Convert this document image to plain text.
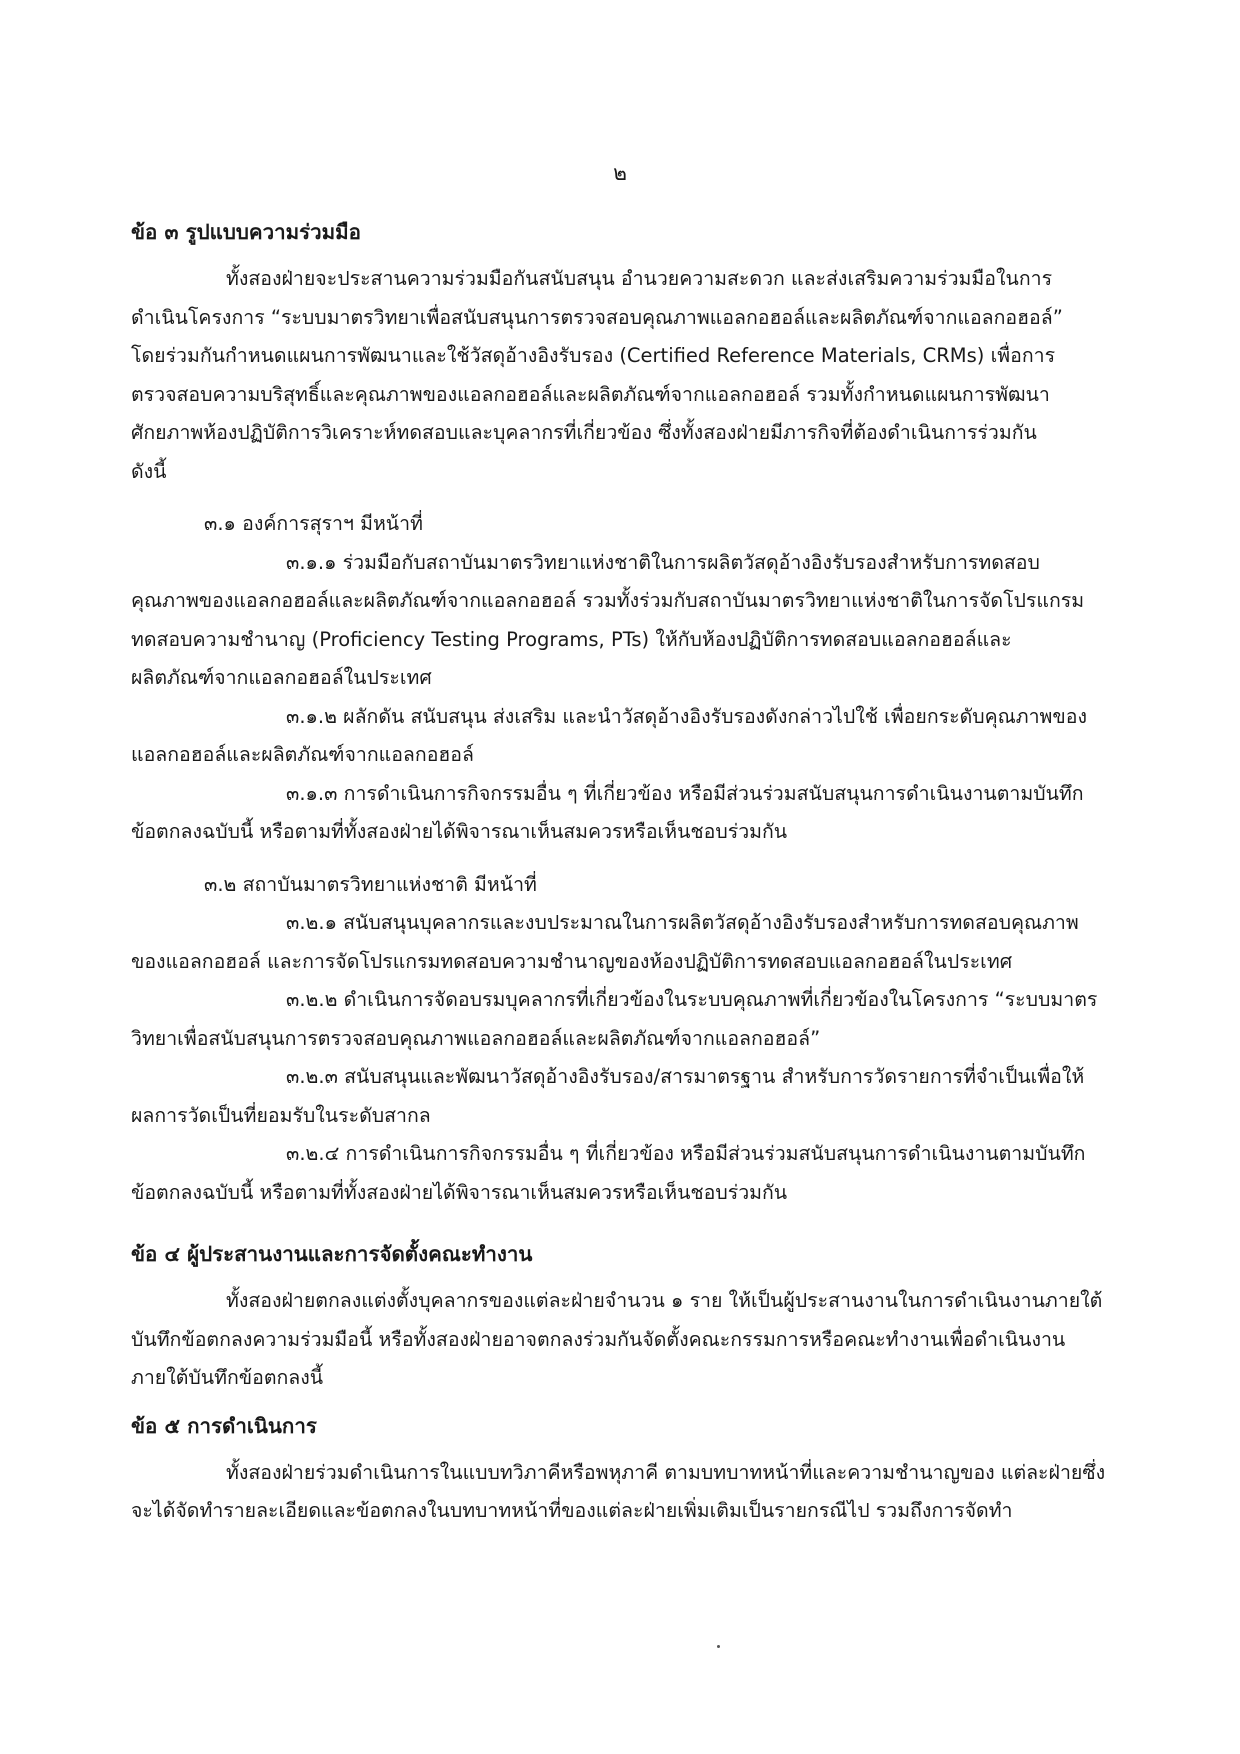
๒
ข้อ ๓ รูปแบบความร่วมมือ
ทั้งสองฝ่ายจะประสานความร่วมมือกันสนับสนุน อำนวยความสะดวก และส่งเสริมความร่วมมือในการ
ดำเนินโครงการ “ระบบมาตรวิทยาเพื่อสนับสนุนการตรวจสอบคุณภาพแอลกอฮอล์และผลิตภัณฑ์จากแอลกอฮอล์”
โดยร่วมกันกำหนดแผนการพัฒนาและใช้วัสดุอ้างอิงรับรอง (Certified Reference Materials, CRMs) เพื่อการ
ตรวจสอบความบริสุทธิ์และคุณภาพของแอลกอฮอล์และผลิตภัณฑ์จากแอลกอฮอล์ รวมทั้งกำหนดแผนการพัฒนา
ศักยภาพห้องปฏิบัติการวิเคราะห์ทดสอบและบุคลากรที่เกี่ยวข้อง ซึ่งทั้งสองฝ่ายมีภารกิจที่ต้องดำเนินการร่วมกัน
ดังนี้
๓.๑ องค์การสุราฯ มีหน้าที่
๓.๑.๑ ร่วมมือกับสถาบันมาตรวิทยาแห่งชาติในการผลิตวัสดุอ้างอิงรับรองสำหรับการทดสอบ
คุณภาพของแอลกอฮอล์และผลิตภัณฑ์จากแอลกอฮอล์ รวมทั้งร่วมกับสถาบันมาตรวิทยาแห่งชาติในการจัดโปรแกรม
ทดสอบความชำนาญ (Proficiency Testing Programs, PTs) ให้กับห้องปฏิบัติการทดสอบแอลกอฮอล์และ
ผลิตภัณฑ์จากแอลกอฮอล์ในประเทศ
๓.๑.๒ ผลักดัน สนับสนุน ส่งเสริม และนำวัสดุอ้างอิงรับรองดังกล่าวไปใช้ เพื่อยกระดับคุณภาพของ
แอลกอฮอล์และผลิตภัณฑ์จากแอลกอฮอล์
๓.๑.๓ การดำเนินการกิจกรรมอื่น ๆ ที่เกี่ยวข้อง หรือมีส่วนร่วมสนับสนุนการดำเนินงานตามบันทึก
ข้อตกลงฉบับนี้ หรือตามที่ทั้งสองฝ่ายได้พิจารณาเห็นสมควรหรือเห็นชอบร่วมกัน
๓.๒ สถาบันมาตรวิทยาแห่งชาติ มีหน้าที่
๓.๒.๑ สนับสนุนบุคลากรและงบประมาณในการผลิตวัสดุอ้างอิงรับรองสำหรับการทดสอบคุณภาพ
ของแอลกอฮอล์ และการจัดโปรแกรมทดสอบความชำนาญของห้องปฏิบัติการทดสอบแอลกอฮอล์ในประเทศ
๓.๒.๒ ดำเนินการจัดอบรมบุคลากรที่เกี่ยวข้องในระบบคุณภาพที่เกี่ยวข้องในโครงการ “ระบบมาตร
วิทยาเพื่อสนับสนุนการตรวจสอบคุณภาพแอลกอฮอล์และผลิตภัณฑ์จากแอลกอฮอล์”
๓.๒.๓ สนับสนุนและพัฒนาวัสดุอ้างอิงรับรอง/สารมาตรฐาน สำหรับการวัดรายการที่จำเป็นเพื่อให้
ผลการวัดเป็นที่ยอมรับในระดับสากล
๓.๒.๔ การดำเนินการกิจกรรมอื่น ๆ ที่เกี่ยวข้อง หรือมีส่วนร่วมสนับสนุนการดำเนินงานตามบันทึก
ข้อตกลงฉบับนี้ หรือตามที่ทั้งสองฝ่ายได้พิจารณาเห็นสมควรหรือเห็นชอบร่วมกัน
ข้อ ๔ ผู้ประสานงานและการจัดตั้งคณะทำงาน
ทั้งสองฝ่ายตกลงแต่งตั้งบุคลากรของแต่ละฝ่ายจำนวน ๑ ราย ให้เป็นผู้ประสานงานในการดำเนินงานภายใต้
บันทึกข้อตกลงความร่วมมือนี้ หรือทั้งสองฝ่ายอาจตกลงร่วมกันจัดตั้งคณะกรรมการหรือคณะทำงานเพื่อดำเนินงาน
ภายใต้บันทึกข้อตกลงนี้
ข้อ ๕ การดำเนินการ
ทั้งสองฝ่ายร่วมดำเนินการในแบบทวิภาคีหรือพหุภาคี ตามบทบาทหน้าที่และความชำนาญของ แต่ละฝ่ายซึ่ง
จะได้จัดทำรายละเอียดและข้อตกลงในบทบาทหน้าที่ของแต่ละฝ่ายเพิ่มเติมเป็นรายกรณีไป รวมถึงการจัดทำ
